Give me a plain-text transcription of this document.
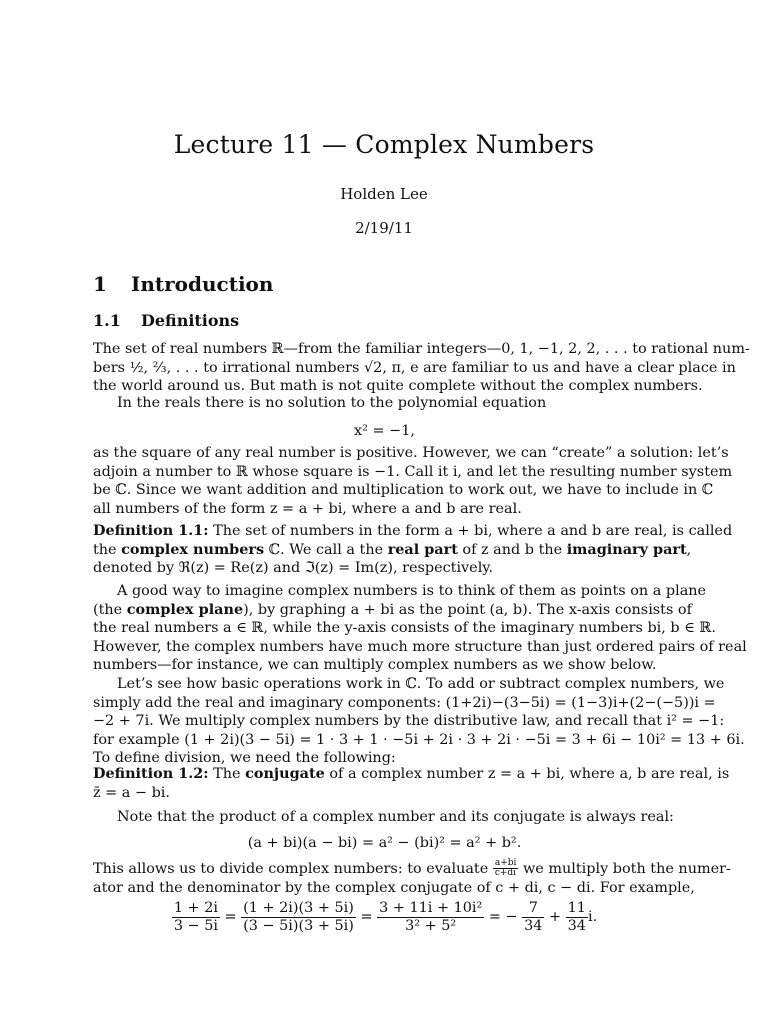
Lecture 11 — Complex Numbers
Holden Lee
2/19/11
1 Introduction
1.1 Definitions
The set of real numbers ℝ—from the familiar integers—0, 1, −1, 2, 2, . . . to rational num-
bers ½, ⅔, . . . to irrational numbers √2, π, e are familiar to us and have a clear place in
the world around us. But math is not quite complete without the complex numbers.
In the reals there is no solution to the polynomial equation
x² = −1,
as the square of any real number is positive. However, we can “create” a solution: let’s
adjoin a number to ℝ whose square is −1. Call it i, and let the resulting number system
be ℂ. Since we want addition and multiplication to work out, we have to include in ℂ
all numbers of the form z = a + bi, where a and b are real.
Definition 1.1: The set of numbers in the form a + bi, where a and b are real, is called
the complex numbers ℂ. We call a the real part of z and b the imaginary part,
denoted by ℜ(z) = Re(z) and ℑ(z) = Im(z), respectively.
A good way to imagine complex numbers is to think of them as points on a plane
(the complex plane), by graphing a + bi as the point (a, b). The x-axis consists of
the real numbers a ∈ ℝ, while the y-axis consists of the imaginary numbers bi, b ∈ ℝ.
However, the complex numbers have much more structure than just ordered pairs of real
numbers—for instance, we can multiply complex numbers as we show below.
Let’s see how basic operations work in ℂ. To add or subtract complex numbers, we
simply add the real and imaginary components: (1+2i)−(3−5i) = (1−3)i+(2−(−5))i =
−2 + 7i. We multiply complex numbers by the distributive law, and recall that i² = −1:
for example (1 + 2i)(3 − 5i) = 1 · 3 + 1 · −5i + 2i · 3 + 2i · −5i = 3 + 6i − 10i² = 13 + 6i.
To define division, we need the following:
Definition 1.2: The conjugate of a complex number z = a + bi, where a, b are real, is
z̄ = a − bi.
Note that the product of a complex number and its conjugate is always real:
(a + bi)(a − bi) = a² − (bi)² = a² + b².
This allows us to divide complex numbers: to evaluate $\frac{a+bi}{c+di}$ we multiply both the numer-
ator and the denominator by the complex conjugate of c + di, c − di. For example,
$\frac{1 + 2i}{3 - 5i} = \frac{(1 + 2i)(3 + 5i)}{(3 - 5i)(3 + 5i)} = \frac{\text{3 + 11i + 10i²}}{\text{3² + 5²}}$ = − $\frac{7}{34} + \frac{11}{34} i$.
